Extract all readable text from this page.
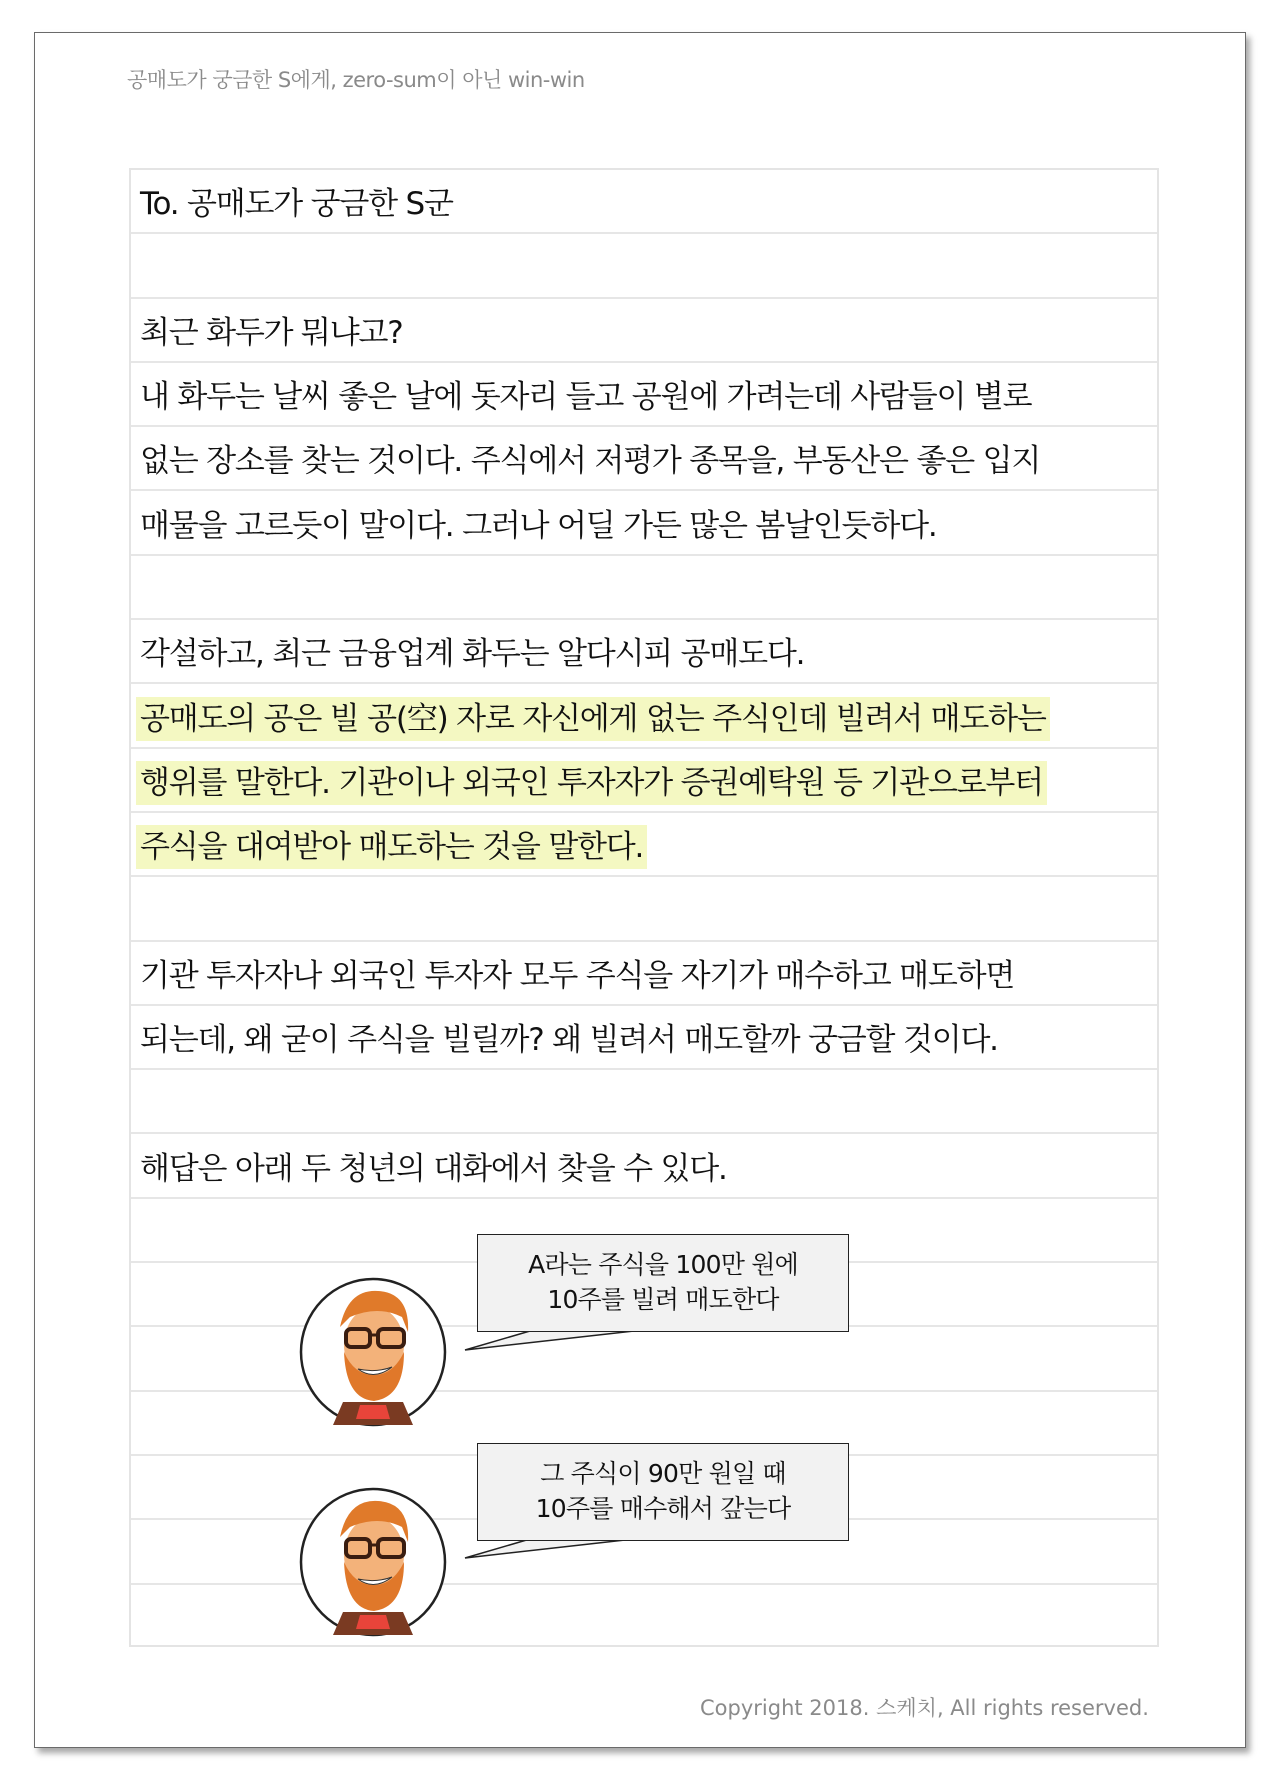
공매도가 궁금한 S에게, zero-sum이 아닌 win-win
To. 공매도가 궁금한 S군
최근 화두가 뭐냐고?
내 화두는 날씨 좋은 날에 돗자리 들고 공원에 가려는데 사람들이 별로
없는 장소를 찾는 것이다. 주식에서 저평가 종목을, 부동산은 좋은 입지
매물을 고르듯이 말이다. 그러나 어딜 가든 많은 봄날인듯하다.
각설하고, 최근 금융업계 화두는 알다시피 공매도다.
공매도의 공은 빌 공(空) 자로 자신에게 없는 주식인데 빌려서 매도하는
행위를 말한다. 기관이나 외국인 투자자가 증권예탁원 등 기관으로부터
주식을 대여받아 매도하는 것을 말한다.
기관 투자자나 외국인 투자자 모두 주식을 자기가 매수하고 매도하면
되는데, 왜 굳이 주식을 빌릴까? 왜 빌려서 매도할까 궁금할 것이다.
해답은 아래 두 청년의 대화에서 찾을 수 있다.
A라는 주식을 100만 원에
10주를 빌려 매도한다
그 주식이 90만 원일 때
10주를 매수해서 갚는다
Copyright 2018. 스케치, All rights reserved.
